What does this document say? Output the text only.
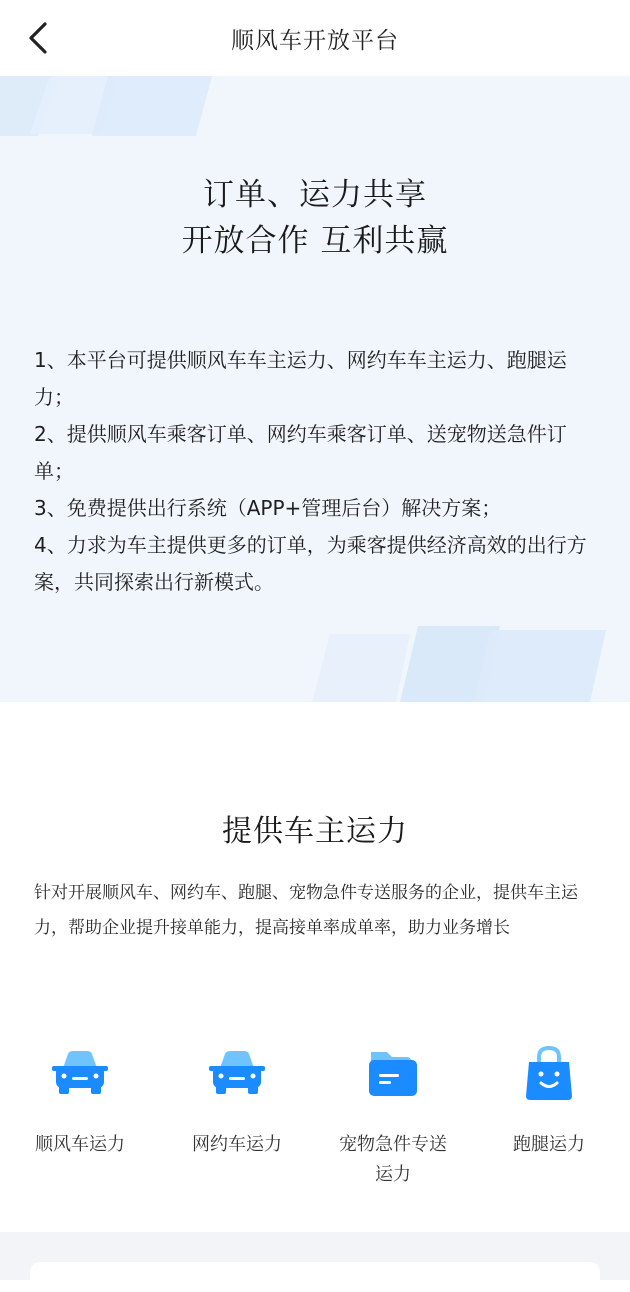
顺风车开放平台
订单、运力共享
开放合作 互利共赢

1、本平台可提供顺风车车主运力、网约车车主运力、跑腿运力；

2、提供顺风车乘客订单、网约车乘客订单、送宠物送急件订单；

3、免费提供出行系统（APP+管理后台）解决方案；

4、力求为车主提供更多的订单，为乘客提供经济高效的出行方案，共同探索出行新模式。

提供车主运力
针对开展顺风车、网约车、跑腿、宠物急件专送服务的企业，提供车主运力，帮助企业提升接单能力，提高接单率成单率，助力业务增长
顺风车运力	网约车运力	宠物急件专送运力
跑腿运力
